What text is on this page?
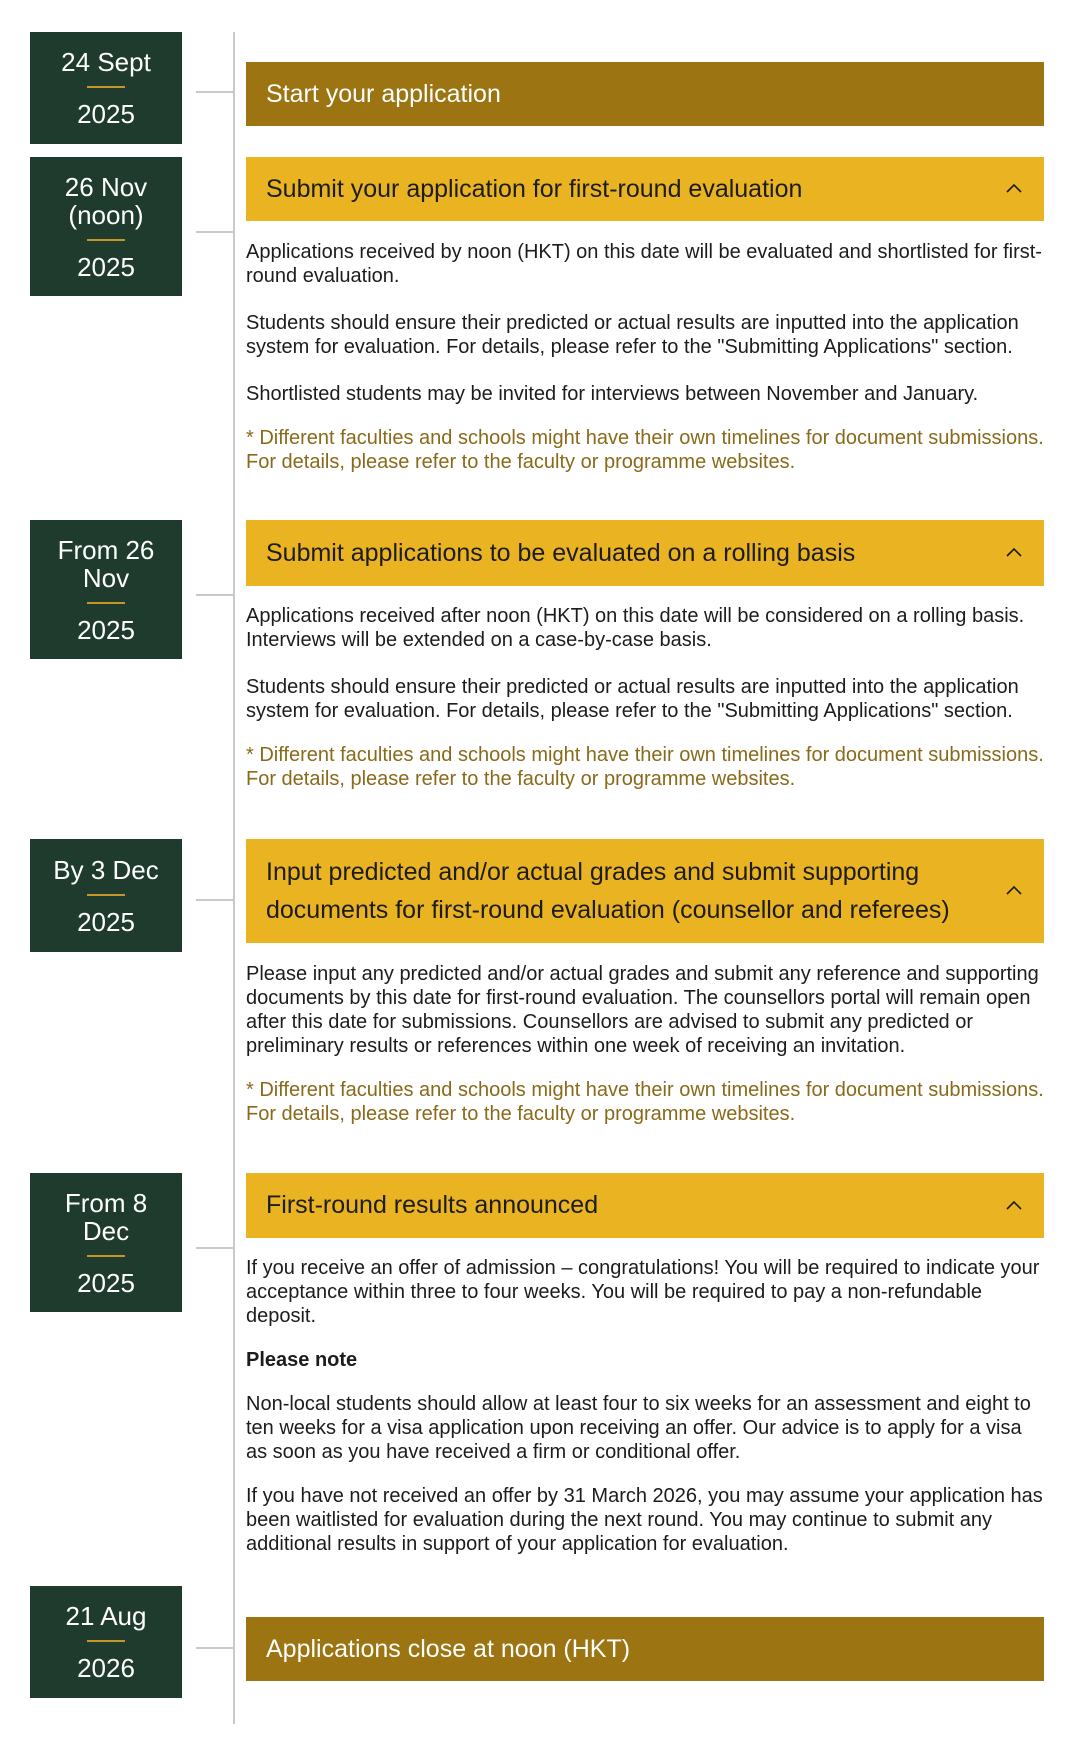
24 Sept
2025
Start your application
26 Nov (noon)
2025
Submit your application for first-round evaluation

Applications received by noon (HKT) on this date will be evaluated and shortlisted for first-round evaluation.

Students should ensure their predicted or actual results are inputted into the application system for evaluation. For details, please refer to the "Submitting Applications" section.

Shortlisted students may be invited for interviews between November and January.

* Different faculties and schools might have their own timelines for document submissions. For details, please refer to the faculty or programme websites.

From 26 Nov
2025
Submit applications to be evaluated on a rolling basis

Applications received after noon (HKT) on this date will be considered on a rolling basis. Interviews will be extended on a case-by-case basis.

Students should ensure their predicted or actual results are inputted into the application system for evaluation. For details, please refer to the "Submitting Applications" section.

* Different faculties and schools might have their own timelines for document submissions. For details, please refer to the faculty or programme websites.

By 3 Dec
2025
Input predicted and/or actual grades and submit supporting documents for first-round evaluation (counsellor and referees)

Please input any predicted and/or actual grades and submit any reference and supporting documents by this date for first-round evaluation. The counsellors portal will remain open after this date for submissions. Counsellors are advised to submit any predicted or preliminary results or references within one week of receiving an invitation.

* Different faculties and schools might have their own timelines for document submissions. For details, please refer to the faculty or programme websites.

From 8 Dec
2025
First-round results announced

If you receive an offer of admission – congratulations! You will be required to indicate your acceptance within three to four weeks. You will be required to pay a non-refundable deposit.

Please note

Non-local students should allow at least four to six weeks for an assessment and eight to ten weeks for a visa application upon receiving an offer. Our advice is to apply for a visa as soon as you have received a firm or conditional offer.

If you have not received an offer by 31 March 2026, you may assume your application has been waitlisted for evaluation during the next round. You may continue to submit any additional results in support of your application for evaluation.

21 Aug
2026
Applications close at noon (HKT)
